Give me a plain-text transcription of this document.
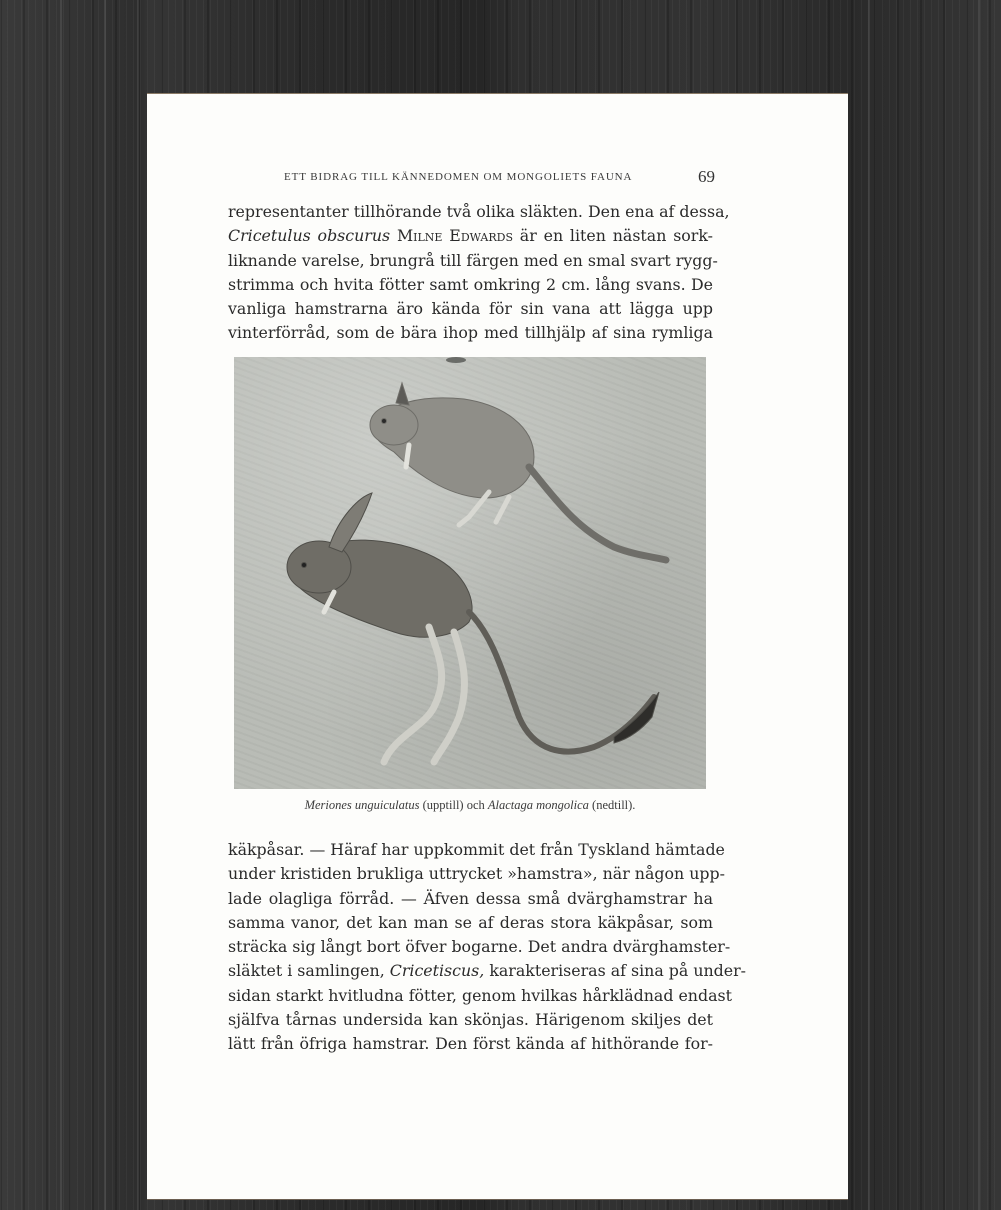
ETT BIDRAG TILL KÄNNEDOMEN OM MONGOLIETS FAUNA	69
representanter tillhörande två olika släkten. Den ena af dessa,
Cricetulus obscurus Milne Edwards är en liten nästan sork-
liknande varelse, brungrå till färgen med en smal svart rygg-
strimma och hvita fötter samt omkring 2 cm. lång svans. De
vanliga hamstrarna äro kända för sin vana att lägga upp
vinterförråd, som de bära ihop med tillhjälp af sina rymliga
Meriones unguiculatus (upptill) och Alactaga mongolica (nedtill).
käkpåsar. — Häraf har uppkommit det från Tyskland hämtade
under kristiden brukliga uttrycket »hamstra», när någon upp-
lade olagliga förråd. — Äfven dessa små dvärghamstrar ha
samma vanor, det kan man se af deras stora käkpåsar, som
sträcka sig långt bort öfver bogarne. Det andra dvärghamster-
släktet i samlingen, Cricetiscus, karakteriseras af sina på under-
sidan starkt hvitludna fötter, genom hvilkas hårklädnad endast
själfva tårnas undersida kan skönjas. Härigenom skiljes det
lätt från öfriga hamstrar. Den först kända af hithörande for-
